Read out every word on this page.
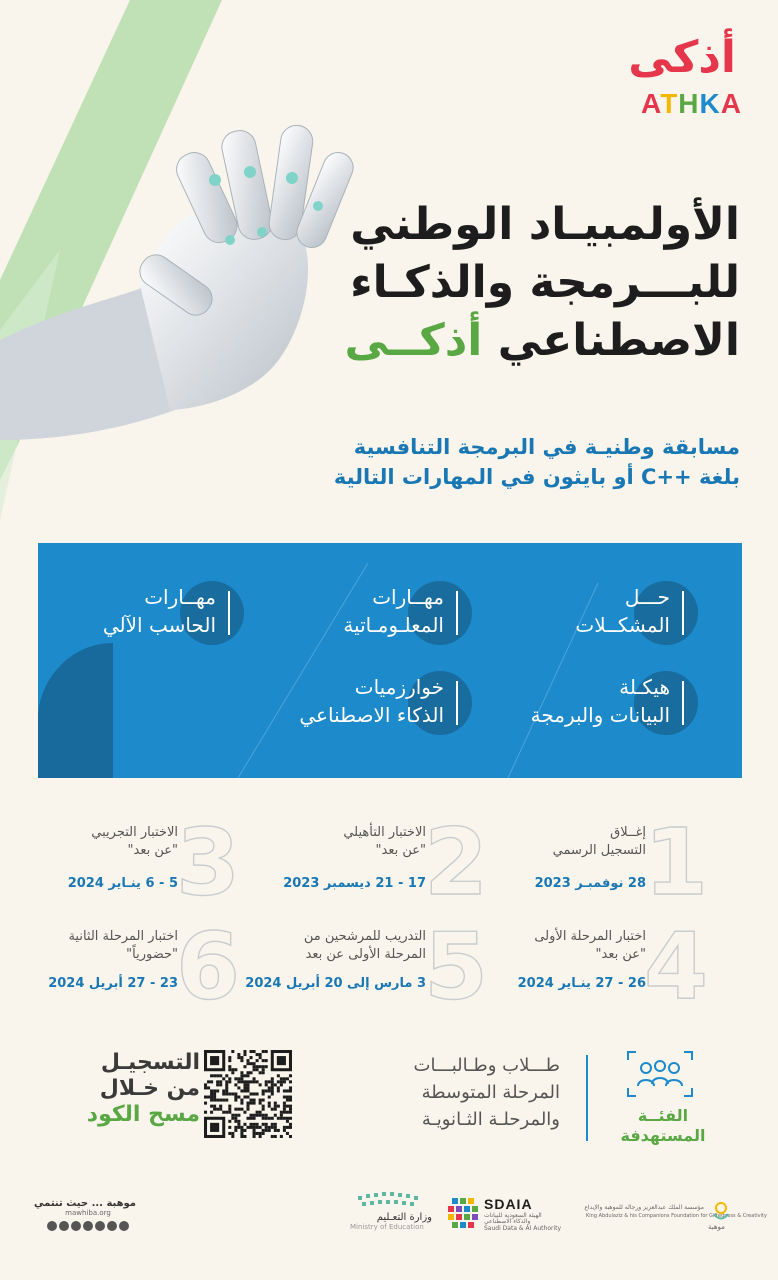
أذكى
ATHKA
الأولمبيـاد الوطني
للبـــرمجة والذكـاء
الاصطناعي أذكــى
مسابقة وطنيـة في البرمجة التنافسية
بلغة ++C أو بايثون في المهارات التالية
حـــل
المشكــلات
مهــارات
المعلـومـاتية
مهــارات
الحاسب الآلي
هيكـلة
البيانات والبرمجة
خوارزميات
الذكاء الاصطناعي
1
إغــلاق
التسجيل الرسمي
28 نوفمبـر 2023
2
الاختبار التأهيلي
"عن بعد"
17 - 21 ديسمبر 2023
3
الاختبار التجريبي
"عن بعد"
5 - 6 ينـاير 2024
4
اختبار المرحلة الأولى
"عن بعد"
26 - 27 ينـاير 2024
5
التدريب للمرشحين من
المرحلة الأولى عن بعد
3 مارس إلى 20 أبريل 2024
6
اختبار المرحلة الثانية
"حضورياً"
23 - 27 أبريل 2024
التسجيـل
من خـلال
مسح الكود
طـــلاب وطـالبـــات
المرحلة المتوسطة
والمرحلـة الثـانويـة	الفئــة
المستهدفة
موهبة ... حيث تنتمي
mawhiba.org	وزارة التعـليم
Ministry of Education
SDAIA
الهيئة السعودية للبيانات
والذكاء الاصطناعي
Saudi Data & AI Authority
مؤسسة الملك عبدالعزيز ورجاله للموهبة والإبداع
King Abdulaziz & his Companions Foundation for Giftedness & Creativity
موهبة
